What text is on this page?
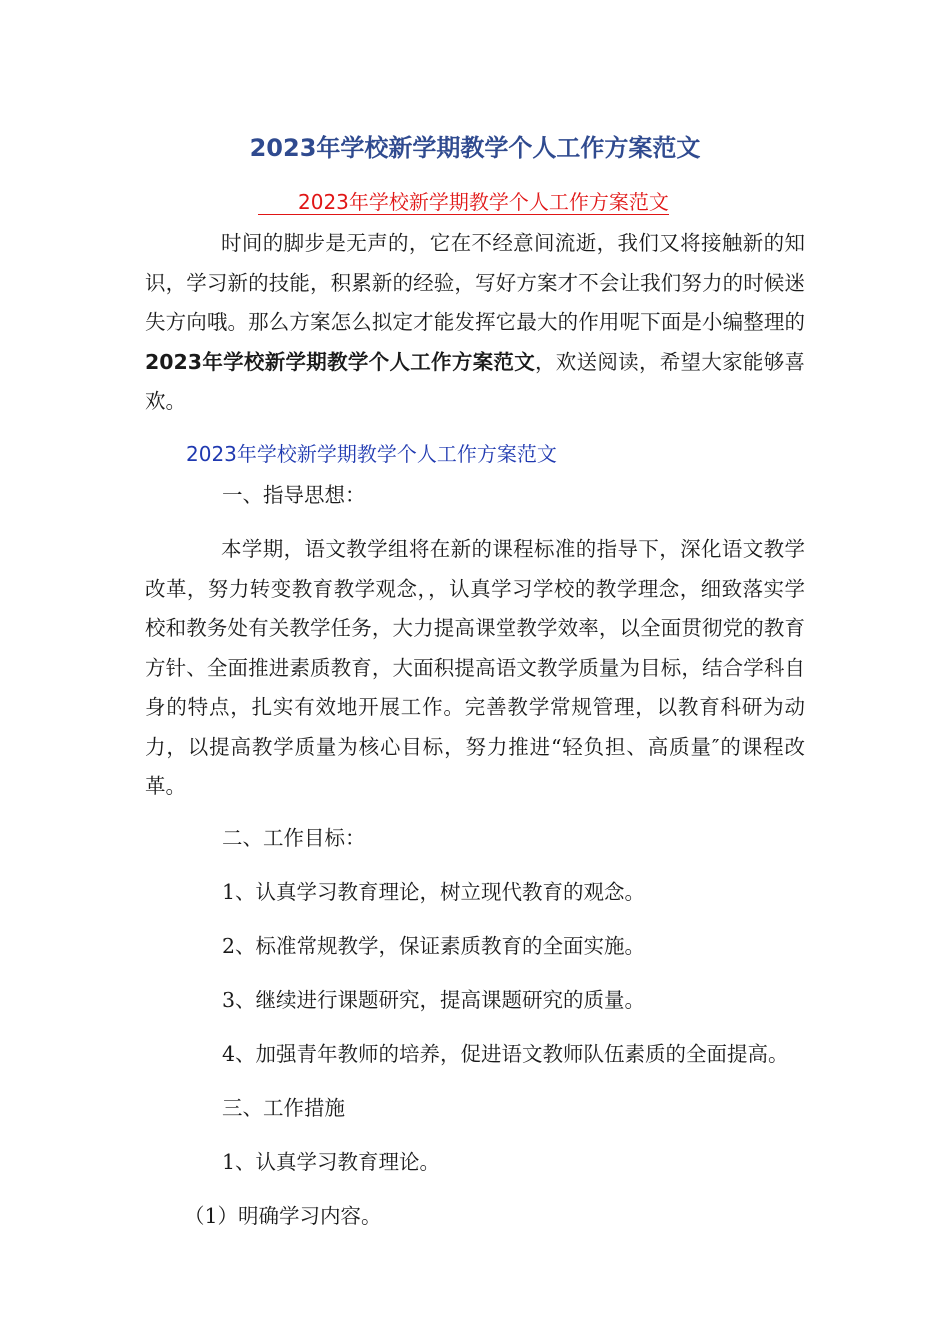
2023年学校新学期教学个人工作方案范文
2023年学校新学期教学个人工作方案范文
时间的脚步是无声的，它在不经意间流逝，我们又将接触新的知识，学习新的技能，积累新的经验，写好方案才不会让我们努力的时候迷失方向哦。那么方案怎么拟定才能发挥它最大的作用呢下面是小编整理的2023年学校新学期教学个人工作方案范文，欢送阅读，希望大家能够喜欢。
2023年学校新学期教学个人工作方案范文
一、指导思想：
本学期，语文教学组将在新的课程标准的指导下，深化语文教学改革，努力转变教育教学观念，，认真学习学校的教学理念，细致落实学校和教务处有关教学任务，大力提高课堂教学效率，以全面贯彻党的教育方针、全面推进素质教育，大面积提高语文教学质量为目标，结合学科自身的特点，扎实有效地开展工作。完善教学常规管理，以教育科研为动力，以提高教学质量为核心目标，努力推进“轻负担、高质量″的课程改革。
二、工作目标：
1、认真学习教育理论，树立现代教育的观念。
2、标准常规教学，保证素质教育的全面实施。
3、继续进行课题研究，提高课题研究的质量。
4、加强青年教师的培养，促进语文教师队伍素质的全面提高。
三、工作措施
1、认真学习教育理论。
（1）明确学习内容。
